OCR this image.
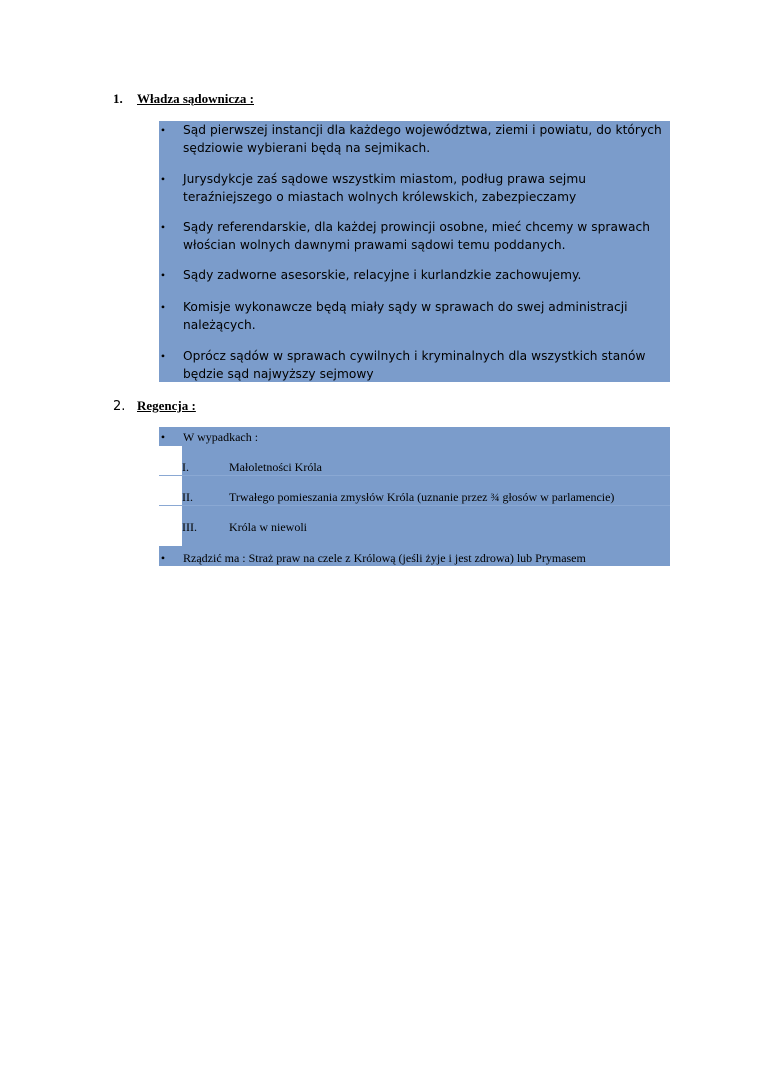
1. Władza sądownicza :
• Sąd pierwszej instancji dla każdego województwa, ziemi i powiatu, do których sędziowie wybierani będą na sejmikach.
• Jurysdykcje zaś sądowe wszystkim miastom, podług prawa sejmu teraźniejszego o miastach wolnych królewskich, zabezpieczamy
• Sądy referendarskie, dla każdej prowincji osobne, mieć chcemy w sprawach włościan wolnych dawnymi prawami sądowi temu poddanych.
• Sądy zadworne asesorskie, relacyjne i kurlandzkie zachowujemy.
• Komisje wykonawcze będą miały sądy w sprawach do swej administracji należących.
• Oprócz sądów w sprawach cywilnych i kryminalnych dla wszystkich stanów będzie sąd najwyższy sejmowy
2. Regencja :
• W wypadkach :
I.	Małoletności Króla
II.	Trwałego pomieszania zmysłów Króla (uznanie przez ¾ głosów w parlamencie)
III.	Króla w niewoli
• Rządzić ma : Straż praw na czele z Królową (jeśli żyje i jest zdrowa) lub Prymasem
